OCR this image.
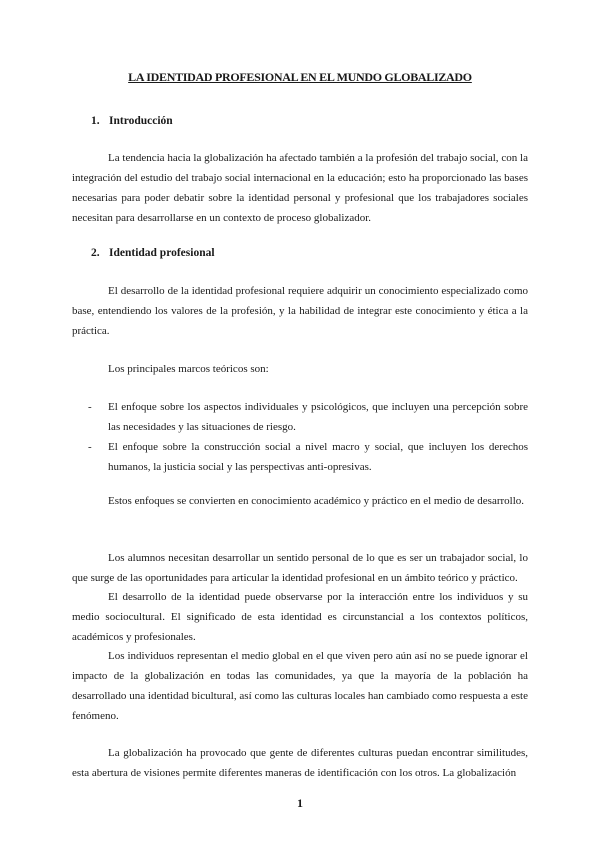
LA IDENTIDAD PROFESIONAL EN EL MUNDO GLOBALIZADO
1. Introducción

La tendencia hacia la globalización ha afectado también a la profesión del trabajo social, con la integración del estudio del trabajo social internacional en la educación; esto ha proporcionado las bases necesarias para poder debatir sobre la identidad personal y profesional que los trabajadores sociales necesitan para desarrollarse en un contexto de proceso globalizador.

2. Identidad profesional

El desarrollo de la identidad profesional requiere adquirir un conocimiento especializado como base, entendiendo los valores de la profesión, y la habilidad de integrar este conocimiento y ética a la práctica.

Los principales marcos teóricos son:

- El enfoque sobre los aspectos individuales y psicológicos, que incluyen una percepción sobre las necesidades y las situaciones de riesgo.
- El enfoque sobre la construcción social a nivel macro y social, que incluyen los derechos humanos, la justicia social y las perspectivas anti-opresivas.

Estos enfoques se convierten en conocimiento académico y práctico en el medio de desarrollo.

Los alumnos necesitan desarrollar un sentido personal de lo que es ser un trabajador social, lo que surge de las oportunidades para articular la identidad profesional en un ámbito teórico y práctico.

El desarrollo de la identidad puede observarse por la interacción entre los individuos y su medio sociocultural. El significado de esta identidad es circunstancial a los contextos políticos, académicos y profesionales.

Los individuos representan el medio global en el que viven pero aún así no se puede ignorar el impacto de la globalización en todas las comunidades, ya que la mayoría de la población ha desarrollado una identidad bicultural, así como las culturas locales han cambiado como respuesta a este fenómeno.

La globalización ha provocado que gente de diferentes culturas puedan encontrar similitudes, esta abertura de visiones permite diferentes maneras de identificación con los otros. La globalización

1
